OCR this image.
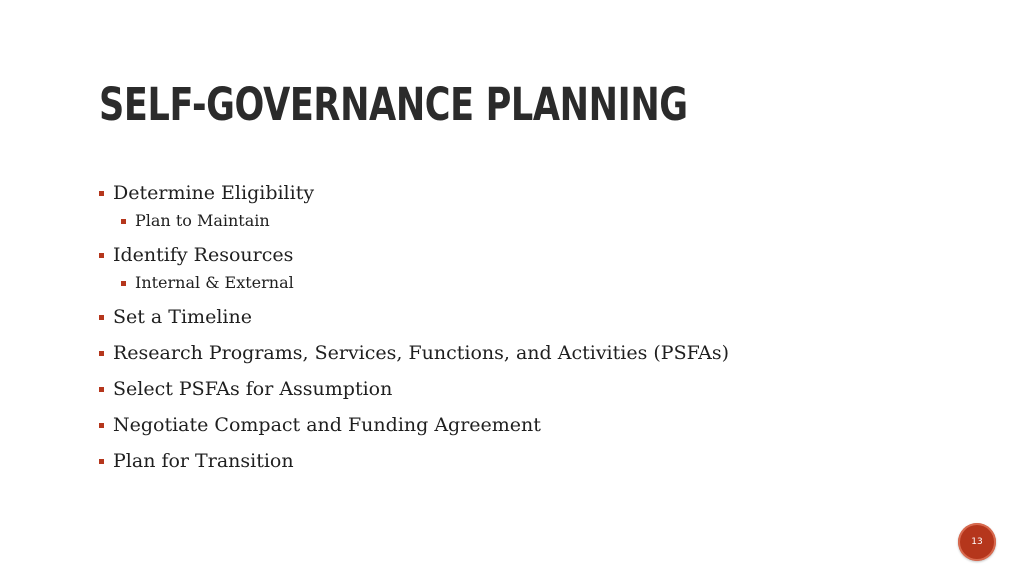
SELF-GOVERNANCE PLANNING
Determine Eligibility
Plan to Maintain
Identify Resources
Internal & External
Set a Timeline
Research Programs, Services, Functions, and Activities (PSFAs)
Select PSFAs for Assumption
Negotiate Compact and Funding Agreement
Plan for Transition
13
